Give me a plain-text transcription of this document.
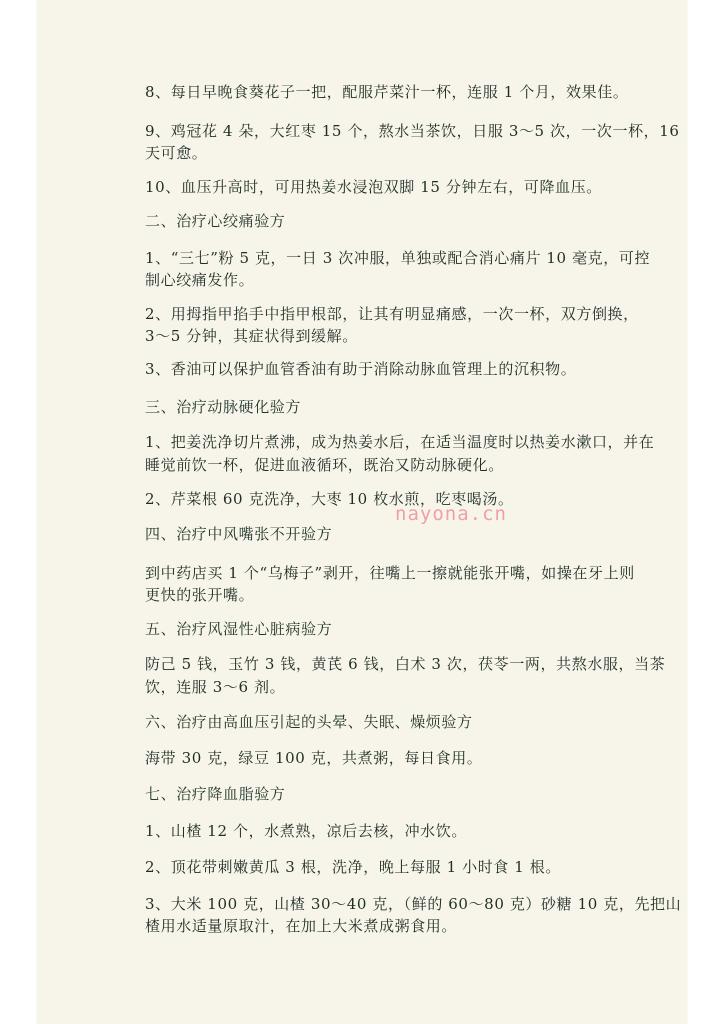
8、每日早晚食葵花子一把，配服芹菜汁一杯，连服 1 个月，效果佳。
9、鸡冠花 4 朵，大红枣 15 个，熬水当茶饮，日服 3～5 次，一次一杯，16
天可愈。
10、血压升高时，可用热姜水浸泡双脚 15 分钟左右，可降血压。
二、治疗心绞痛验方
1、“三七”粉 5 克，一日 3 次冲服，单独或配合消心痛片 10 毫克，可控
制心绞痛发作。
2、用拇指甲掐手中指甲根部，让其有明显痛感，一次一杯，双方倒换，
3～5 分钟，其症状得到缓解。
3、香油可以保护血管香油有助于消除动脉血管理上的沉积物。
三、治疗动脉硬化验方
1、把姜洗净切片煮沸，成为热姜水后，在适当温度时以热姜水漱口，并在
睡觉前饮一杯，促进血液循环，既治又防动脉硬化。
2、芹菜根 60 克洗净，大枣 10 枚水煎，吃枣喝汤。
四、治疗中风嘴张不开验方
到中药店买 1 个“乌梅子”剥开，往嘴上一擦就能张开嘴，如操在牙上则
更快的张开嘴。
五、治疗风湿性心脏病验方
防己 5 钱，玉竹 3 钱，黄芪 6 钱，白术 3 次，茯苓一两，共熬水服，当茶
饮，连服 3～6 剂。
六、治疗由高血压引起的头晕、失眠、燥烦验方
海带 30 克，绿豆 100 克，共煮粥，每日食用。
七、治疗降血脂验方
1、山楂 12 个，水煮熟，凉后去核，冲水饮。
2、顶花带刺嫩黄瓜 3 根，洗净，晚上每服 1 小时食 1 根。
3、大米 100 克，山楂 30～40 克，（鲜的 60～80 克）砂糖 10 克，先把山
楂用水适量原取汁，在加上大米煮成粥食用。
nayona.cn
